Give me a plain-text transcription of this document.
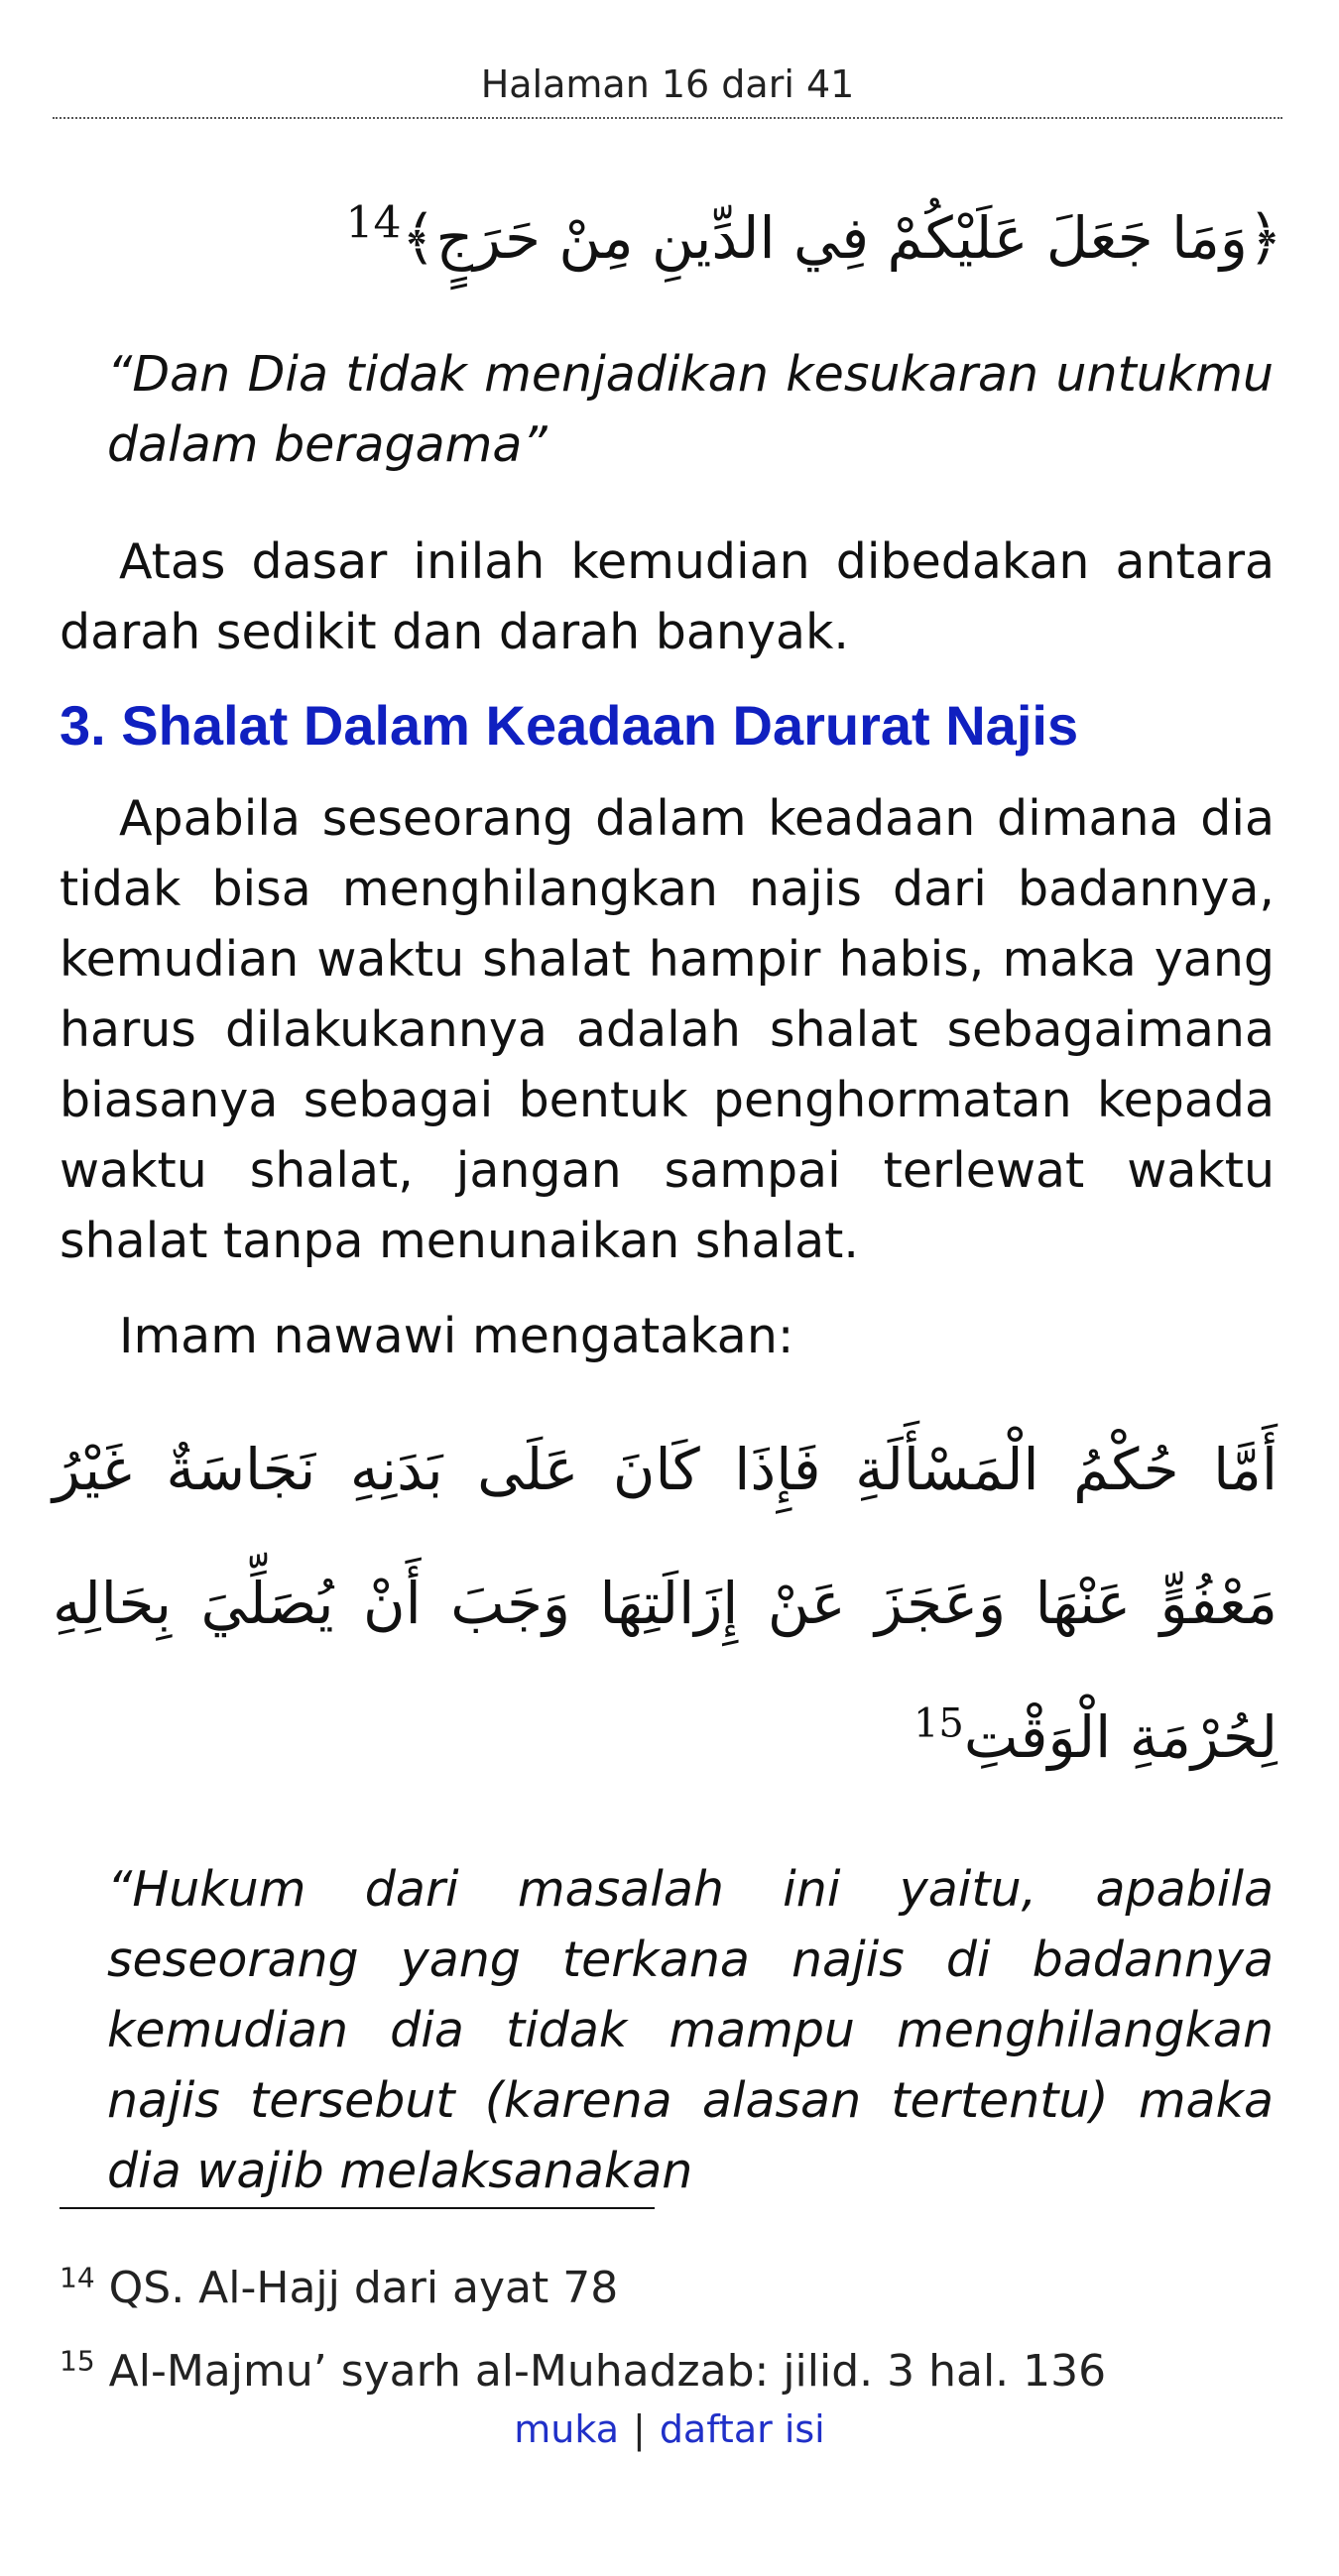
Halaman 16 dari 41
﴿وَمَا جَعَلَ عَلَيْكُمْ فِي الدِّينِ مِنْ حَرَجٍ﴾$^{14}$
“Dan Dia tidak menjadikan kesukaran untukmu dalam beragama”
Atas dasar inilah kemudian dibedakan antara darah sedikit dan darah banyak.
3. Shalat Dalam Keadaan Darurat Najis
Apabila seseorang dalam keadaan dimana dia tidak bisa menghilangkan najis dari badannya, kemudian waktu shalat hampir habis, maka yang harus dilakukannya adalah shalat sebagaimana biasanya sebagai bentuk penghormatan kepada waktu shalat, jangan sampai terlewat waktu shalat tanpa menunaikan shalat.
Imam nawawi mengatakan:
أَمَّا حُكْمُ الْمَسْأَلَةِ فَإِذَا كَانَ عَلَى بَدَنِهِ نَجَاسَةٌ غَيْرُ مَعْفُوٍّ عَنْهَا وَعَجَزَ عَنْ إِزَالَتِهَا وَجَبَ أَنْ يُصَلِّيَ بِحَالِهِ لِحُرْمَةِ الْوَقْتِ$^{15}$
“Hukum dari masalah ini yaitu, apabila seseorang yang terkana najis di badannya kemudian dia tidak mampu menghilangkan najis tersebut (karena alasan tertentu) maka dia wajib melaksanakan
$^{14}$ QS. Al-Hajj dari ayat 78
$^{15}$ Al-Majmu’ syarh al-Muhadzab: jilid. 3 hal. 136
muka | daftar isi
